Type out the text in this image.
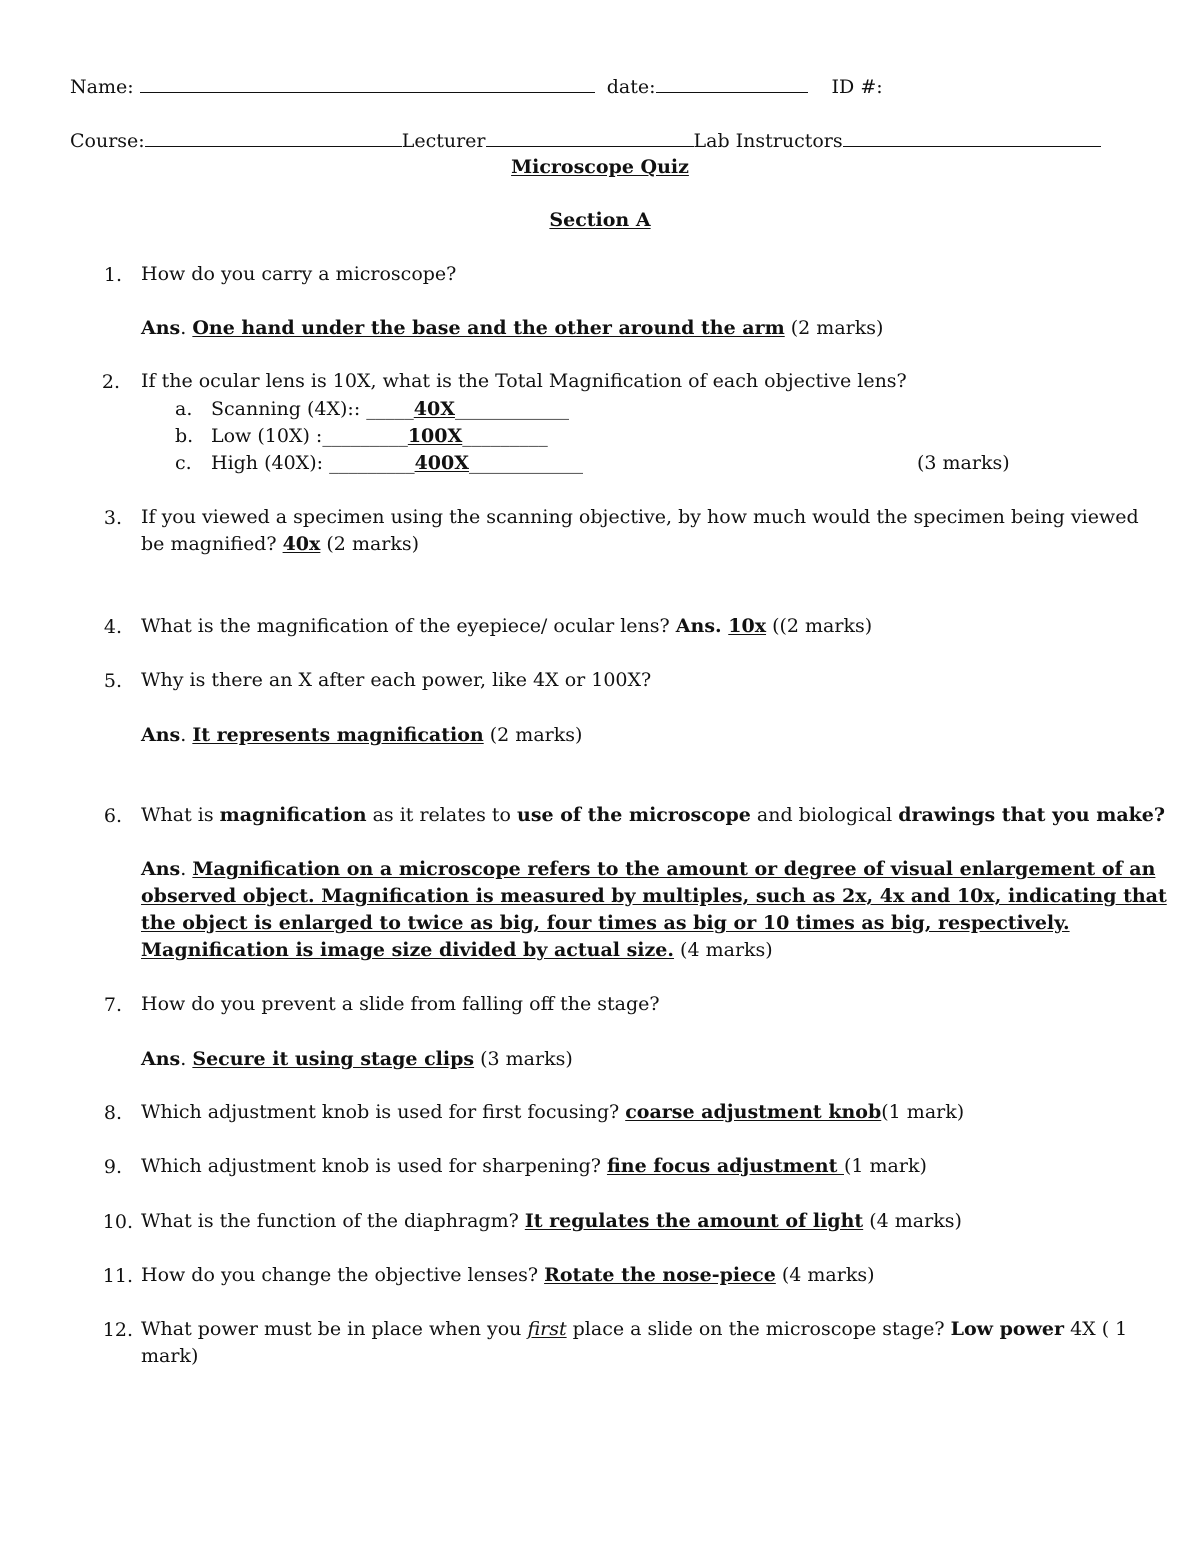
Name:	date:	ID #:
Course:	Lecturer	Lab Instructors
Microscope Quiz
Section A
1. How do you carry a microscope?
Ans. One hand under the base and the other around the arm (2 marks)
2. If the ocular lens is 10X, what is the Total Magnification of each objective lens?
a. Scanning (4X):: _____40X____________
b. Low (10X) :_________100X_________
c.	High (40X): _________400X____________	(3 marks)
3. If you viewed a specimen using the scanning objective, by how much would the specimen being viewed
be magnified? 40x (2 marks)
4. What is the magnification of the eyepiece/ ocular lens? Ans. 10x ((2 marks)
5. Why is there an X after each power, like 4X or 100X?
Ans. It represents magnification (2 marks)
6. What is magnification as it relates to use of the microscope and biological drawings that you make?
Ans. Magnification on a microscope refers to the amount or degree of visual enlargement of an
observed object. Magnification is measured by multiples, such as 2x, 4x and 10x, indicating that
the object is enlarged to twice as big, four times as big or 10 times as big, respectively.
Magnification is image size divided by actual size. (4 marks)
7. How do you prevent a slide from falling off the stage?
Ans. Secure it using stage clips (3 marks)
8. Which adjustment knob is used for first focusing? coarse adjustment knob(1 mark)
9. Which adjustment knob is used for sharpening? fine focus adjustment (1 mark)
10. What is the function of the diaphragm? It regulates the amount of light (4 marks)
11. How do you change the objective lenses? Rotate the nose-piece (4 marks)
12. What power must be in place when you first place a slide on the microscope stage? Low power 4X ( 1
mark)
